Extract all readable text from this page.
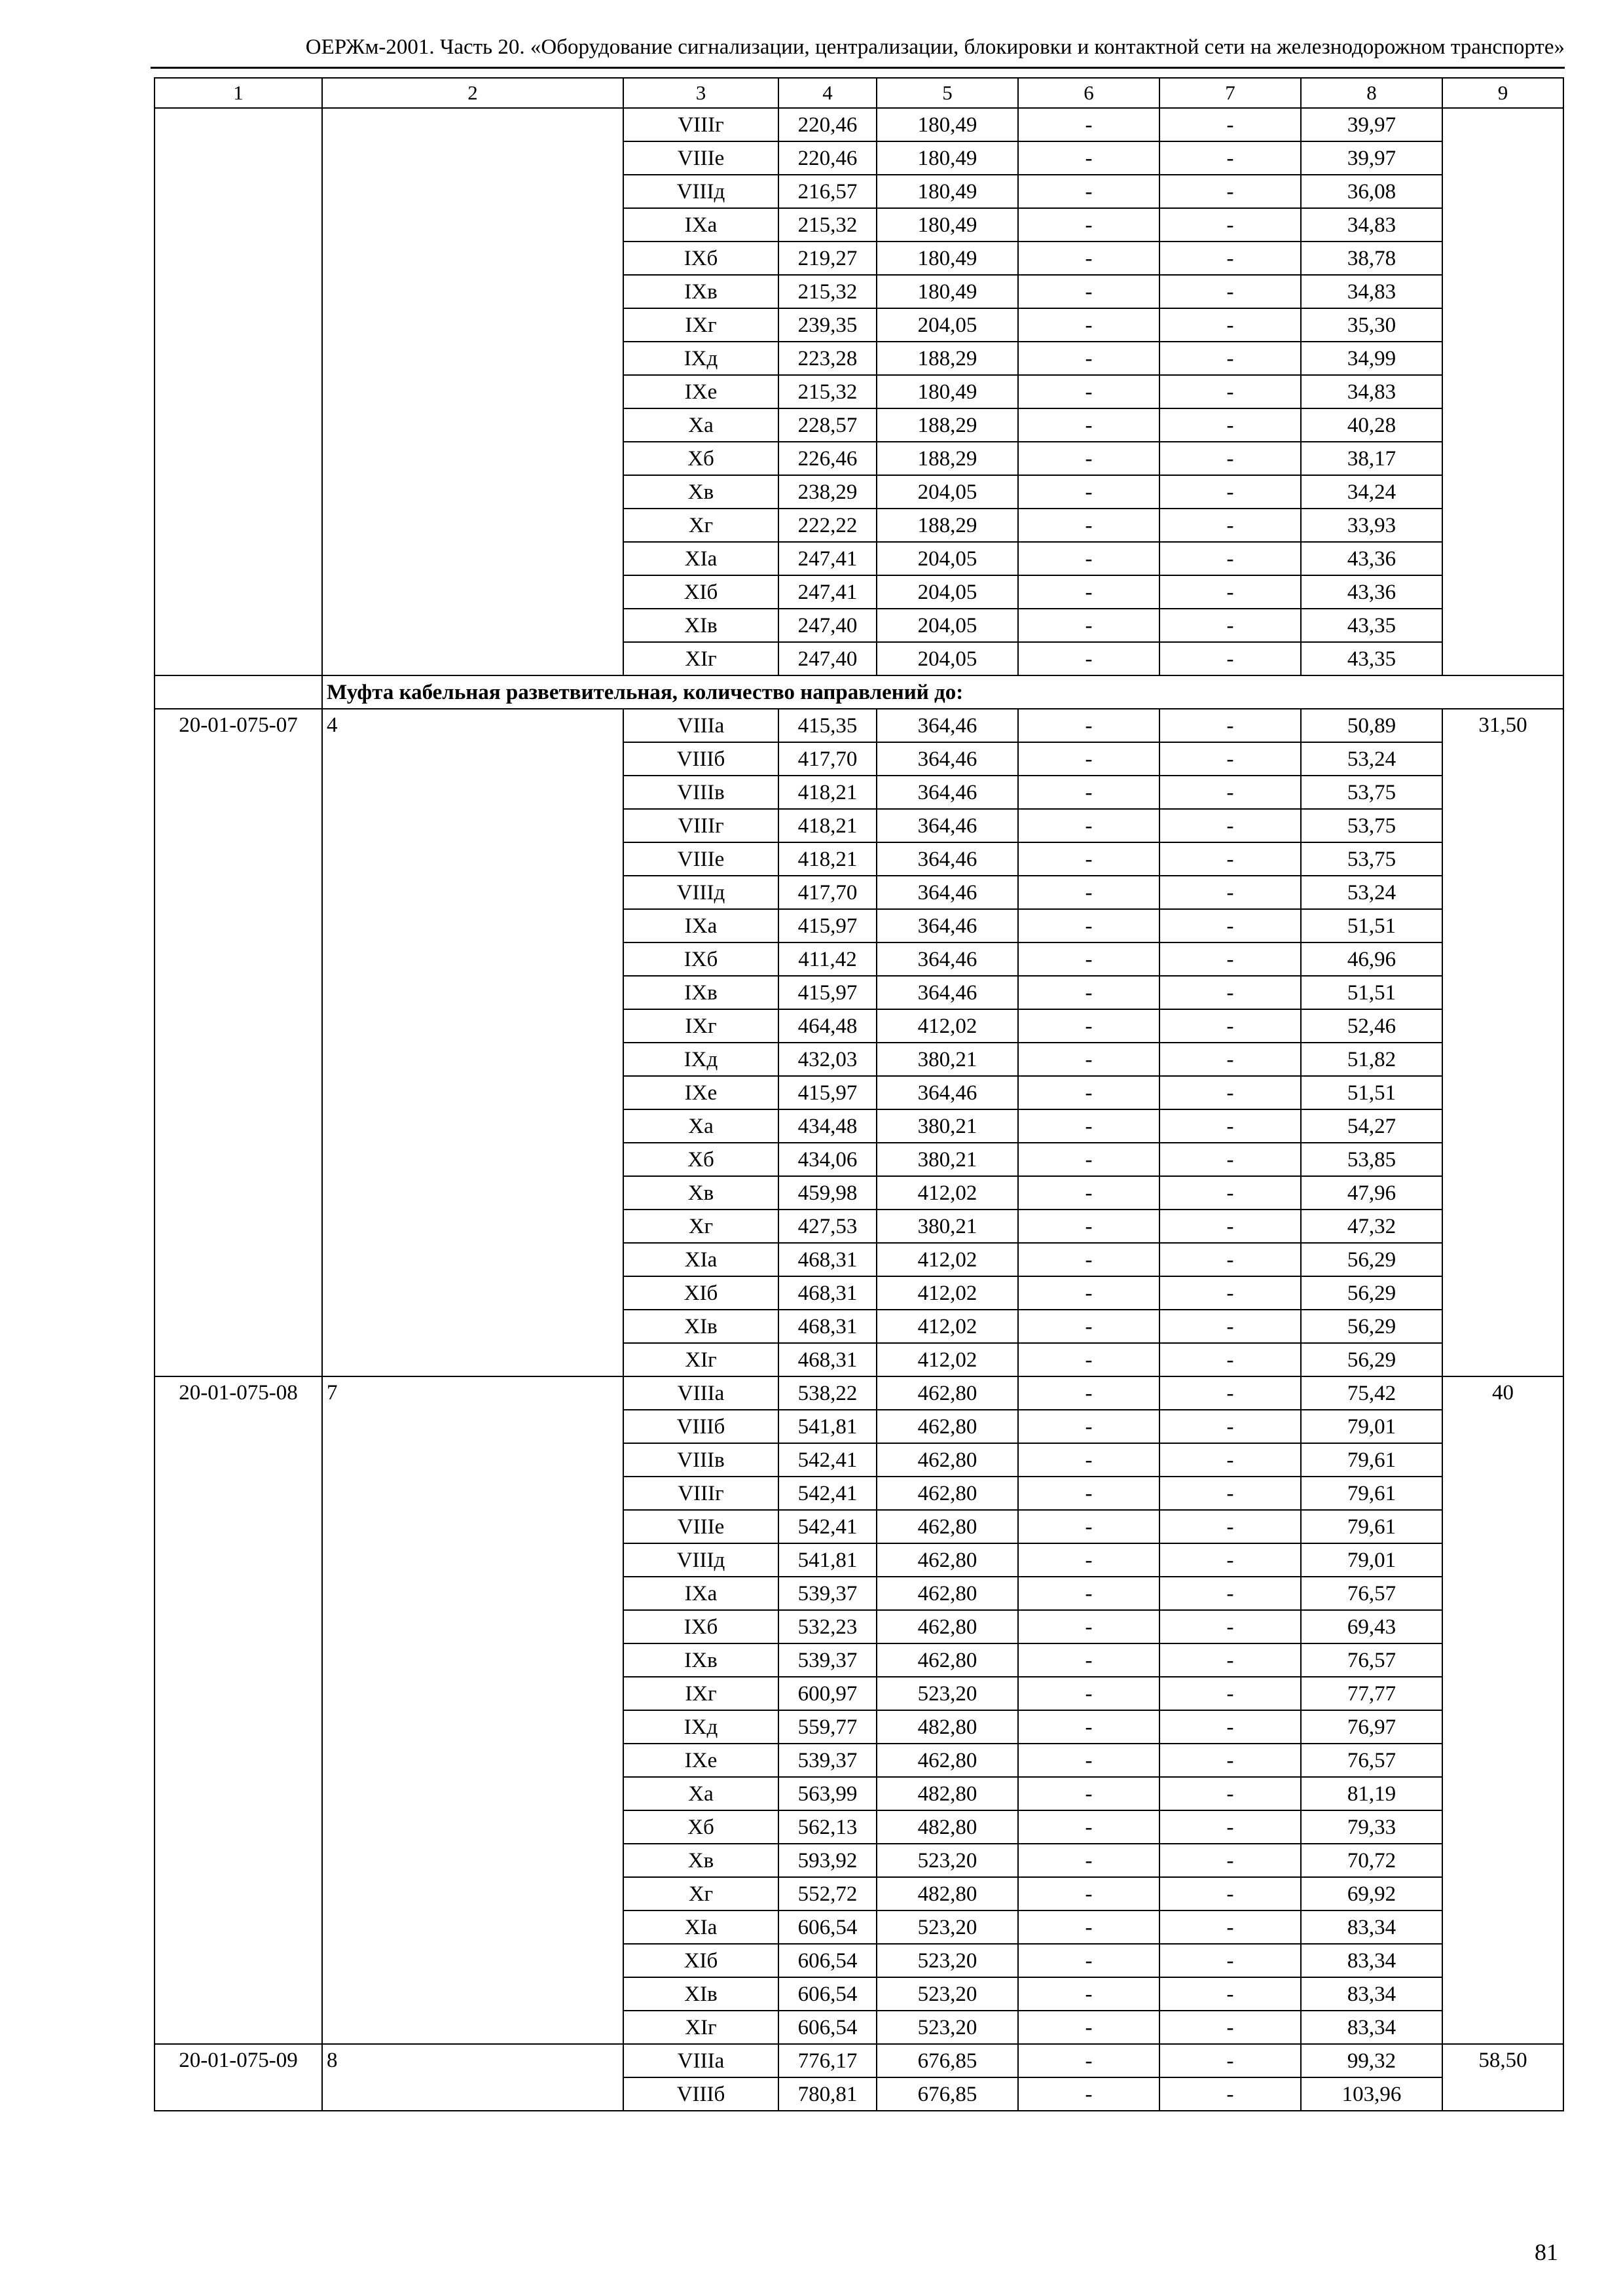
ОЕРЖм-2001. Часть 20. «Оборудование сигнализации, централизации, блокировки и контактной сети на железнодорожном транспорте»
1	2	3	4	5	6	7	8	9
		VIIIг	220,46	180,49	-	-	39,97	
		VIIIе	220,46	180,49	-	-	39,97	
		VIIIд	216,57	180,49	-	-	36,08	
		IXа	215,32	180,49	-	-	34,83	
		IXб	219,27	180,49	-	-	38,78	
		IXв	215,32	180,49	-	-	34,83	
		IXг	239,35	204,05	-	-	35,30	
		IXд	223,28	188,29	-	-	34,99	
		IXе	215,32	180,49	-	-	34,83	
		Xа	228,57	188,29	-	-	40,28	
		Xб	226,46	188,29	-	-	38,17	
		Xв	238,29	204,05	-	-	34,24	
		Xг	222,22	188,29	-	-	33,93	
		XIа	247,41	204,05	-	-	43,36	
		XIб	247,41	204,05	-	-	43,36	
		XIв	247,40	204,05	-	-	43,35	
		XIг	247,40	204,05	-	-	43,35	
	Муфта кабельная разветвительная, количество направлений до:							
20-01-075-07	4	VIIIа	415,35	364,46	-	-	50,89	31,50
		VIIIб	417,70	364,46	-	-	53,24	
		VIIIв	418,21	364,46	-	-	53,75	
		VIIIг	418,21	364,46	-	-	53,75	
		VIIIе	418,21	364,46	-	-	53,75	
		VIIIд	417,70	364,46	-	-	53,24	
		IXа	415,97	364,46	-	-	51,51	
		IXб	411,42	364,46	-	-	46,96	
		IXв	415,97	364,46	-	-	51,51	
		IXг	464,48	412,02	-	-	52,46	
		IXд	432,03	380,21	-	-	51,82	
		IXе	415,97	364,46	-	-	51,51	
		Xа	434,48	380,21	-	-	54,27	
		Xб	434,06	380,21	-	-	53,85	
		Xв	459,98	412,02	-	-	47,96	
		Xг	427,53	380,21	-	-	47,32	
		XIа	468,31	412,02	-	-	56,29	
		XIб	468,31	412,02	-	-	56,29	
		XIв	468,31	412,02	-	-	56,29	
		XIг	468,31	412,02	-	-	56,29	
20-01-075-08	7	VIIIа	538,22	462,80	-	-	75,42	40
		VIIIб	541,81	462,80	-	-	79,01	
		VIIIв	542,41	462,80	-	-	79,61	
		VIIIг	542,41	462,80	-	-	79,61	
		VIIIе	542,41	462,80	-	-	79,61	
		VIIIд	541,81	462,80	-	-	79,01	
		IXа	539,37	462,80	-	-	76,57	
		IXб	532,23	462,80	-	-	69,43	
		IXв	539,37	462,80	-	-	76,57	
		IXг	600,97	523,20	-	-	77,77	
		IXд	559,77	482,80	-	-	76,97	
		IXе	539,37	462,80	-	-	76,57	
		Xа	563,99	482,80	-	-	81,19	
		Xб	562,13	482,80	-	-	79,33	
		Xв	593,92	523,20	-	-	70,72	
		Xг	552,72	482,80	-	-	69,92	
		XIа	606,54	523,20	-	-	83,34	
		XIб	606,54	523,20	-	-	83,34	
		XIв	606,54	523,20	-	-	83,34	
		XIг	606,54	523,20	-	-	83,34	
20-01-075-09	8	VIIIа	776,17	676,85	-	-	99,32	58,50
		VIIIб	780,81	676,85	-	-	103,96	
81
